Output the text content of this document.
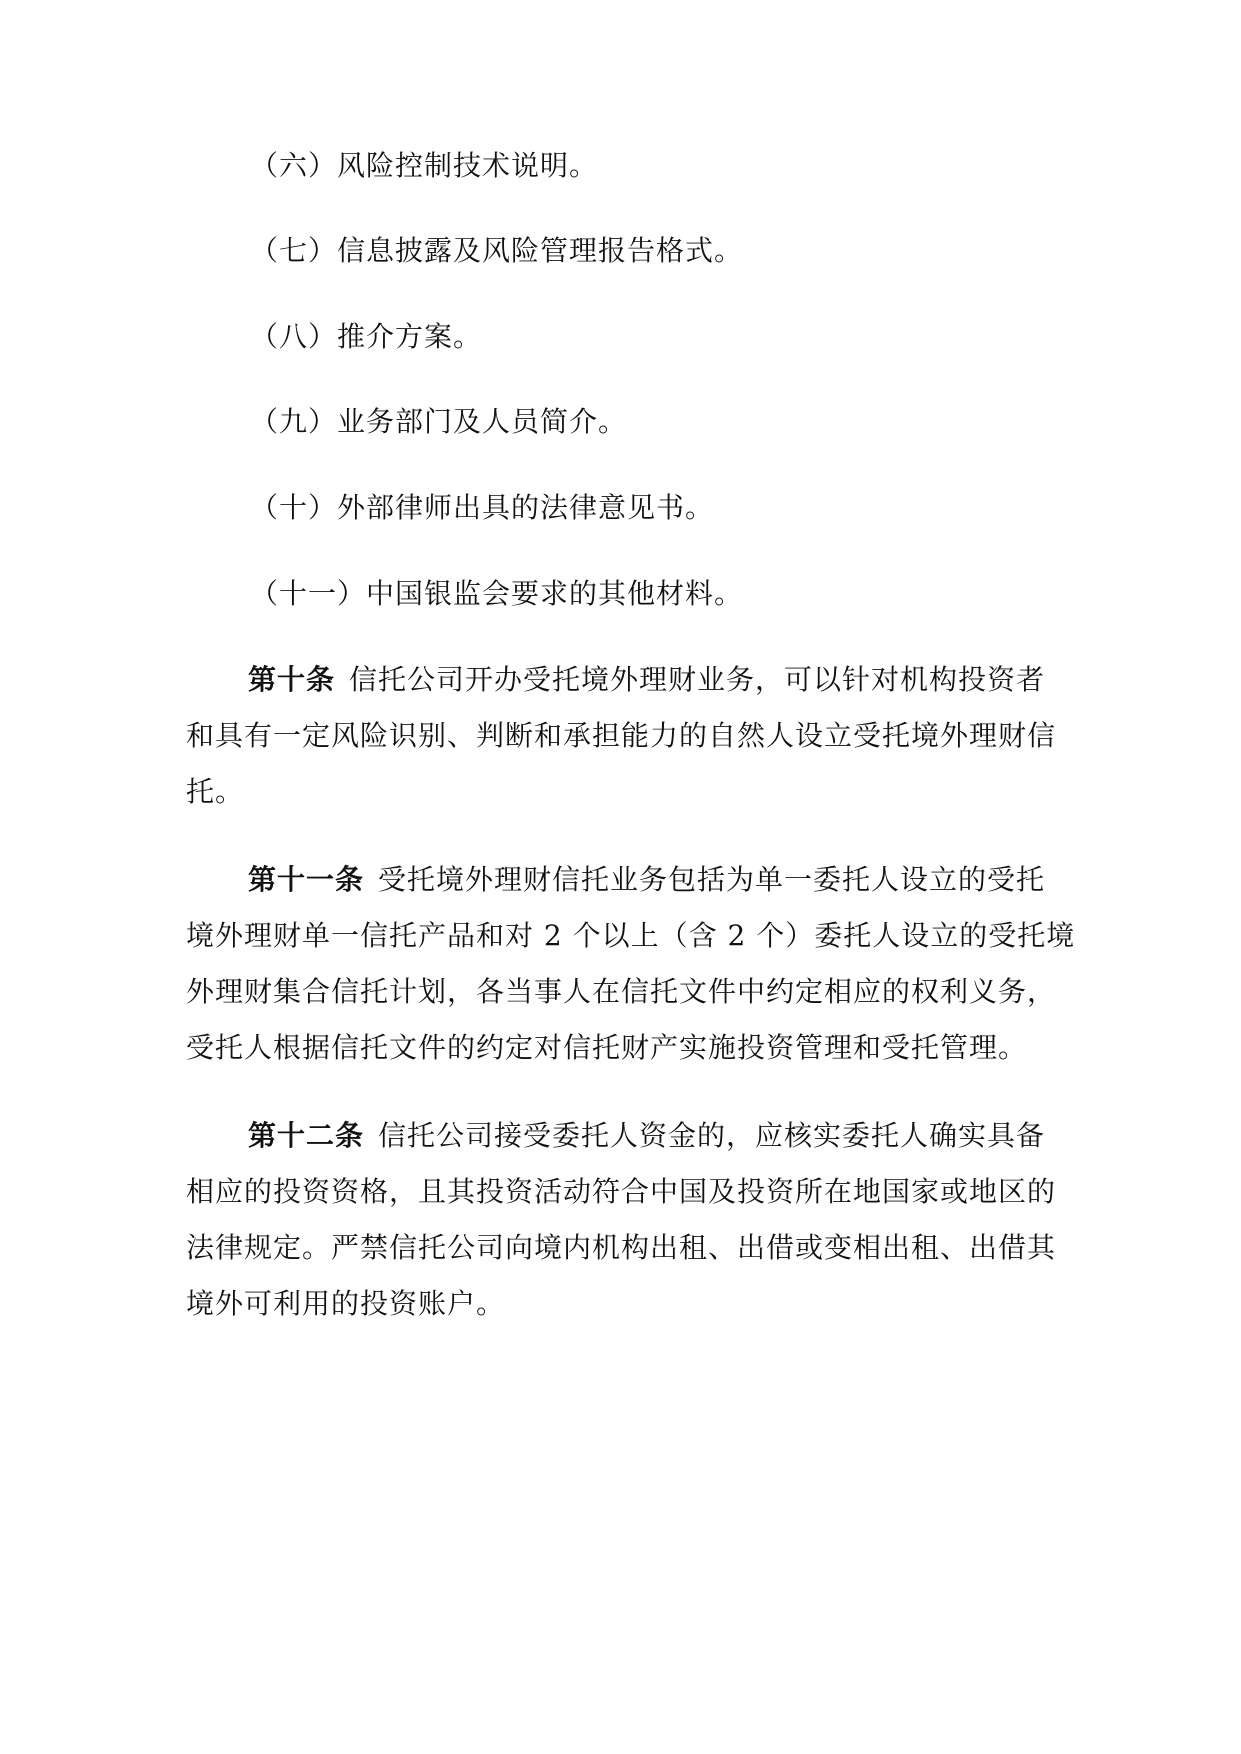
（六）风险控制技术说明。
（七）信息披露及风险管理报告格式。
（八）推介方案。
（九）业务部门及人员简介。
（十）外部律师出具的法律意见书。
（十一）中国银监会要求的其他材料。
第十条 信托公司开办受托境外理财业务，可以针对机构投资者
和具有一定风险识别、判断和承担能力的自然人设立受托境外理财信
托。
第十一条 受托境外理财信托业务包括为单一委托人设立的受托
境外理财单一信托产品和对 2 个以上（含 2 个）委托人设立的受托境
外理财集合信托计划，各当事人在信托文件中约定相应的权利义务，
受托人根据信托文件的约定对信托财产实施投资管理和受托管理。
第十二条 信托公司接受委托人资金的，应核实委托人确实具备
相应的投资资格，且其投资活动符合中国及投资所在地国家或地区的
法律规定。严禁信托公司向境内机构出租、出借或变相出租、出借其
境外可利用的投资账户。
